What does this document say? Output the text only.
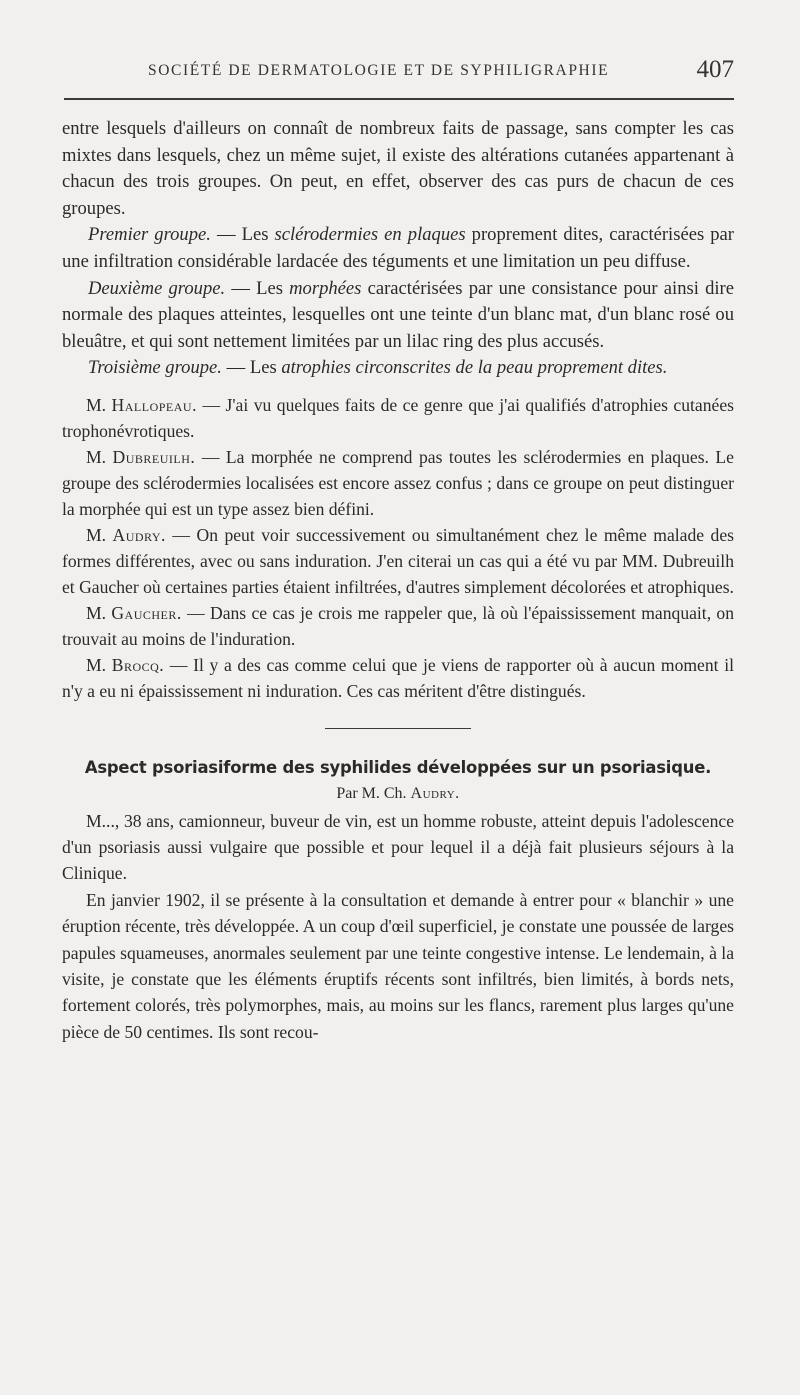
SOCIÉTÉ DE DERMATOLOGIE ET DE SYPHILIGRAPHIE	407

entre lesquels d'ailleurs on connaît de nombreux faits de passage, sans compter les cas mixtes dans lesquels, chez un même sujet, il existe des altérations cutanées appartenant à chacun des trois groupes. On peut, en effet, observer des cas purs de chacun de ces groupes.

Premier groupe. — Les sclérodermies en plaques proprement dites, caractérisées par une infiltration considérable lardacée des téguments et une limitation un peu diffuse.

Deuxième groupe. — Les morphées caractérisées par une consistance pour ainsi dire normale des plaques atteintes, lesquelles ont une teinte d'un blanc mat, d'un blanc rosé ou bleuâtre, et qui sont nettement limitées par un lilac ring des plus accusés.

Troisième groupe. — Les atrophies circonscrites de la peau proprement dites.

M. Hallopeau. — J'ai vu quelques faits de ce genre que j'ai qualifiés d'atrophies cutanées trophonévrotiques.

M. Dubreuilh. — La morphée ne comprend pas toutes les sclérodermies en plaques. Le groupe des sclérodermies localisées est encore assez confus ; dans ce groupe on peut distinguer la morphée qui est un type assez bien défini.

M. Audry. — On peut voir successivement ou simultanément chez le même malade des formes différentes, avec ou sans induration. J'en citerai un cas qui a été vu par MM. Dubreuilh et Gaucher où certaines parties étaient infiltrées, d'autres simplement décolorées et atrophiques.

M. Gaucher. — Dans ce cas je crois me rappeler que, là où l'épaississement manquait, on trouvait au moins de l'induration.

M. Brocq. — Il y a des cas comme celui que je viens de rapporter où à aucun moment il n'y a eu ni épaississement ni induration. Ces cas méritent d'être distingués.

Aspect psoriasiforme des syphilides développées sur un psoriasique.

Par M. Ch. Audry.

M..., 38 ans, camionneur, buveur de vin, est un homme robuste, atteint depuis l'adolescence d'un psoriasis aussi vulgaire que possible et pour lequel il a déjà fait plusieurs séjours à la Clinique.

En janvier 1902, il se présente à la consultation et demande à entrer pour « blanchir » une éruption récente, très développée. A un coup d'œil superficiel, je constate une poussée de larges papules squameuses, anormales seulement par une teinte congestive intense. Le lendemain, à la visite, je constate que les éléments éruptifs récents sont infiltrés, bien limités, à bords nets, fortement colorés, très polymorphes, mais, au moins sur les flancs, rarement plus larges qu'une pièce de 50 centimes. Ils sont recou-
